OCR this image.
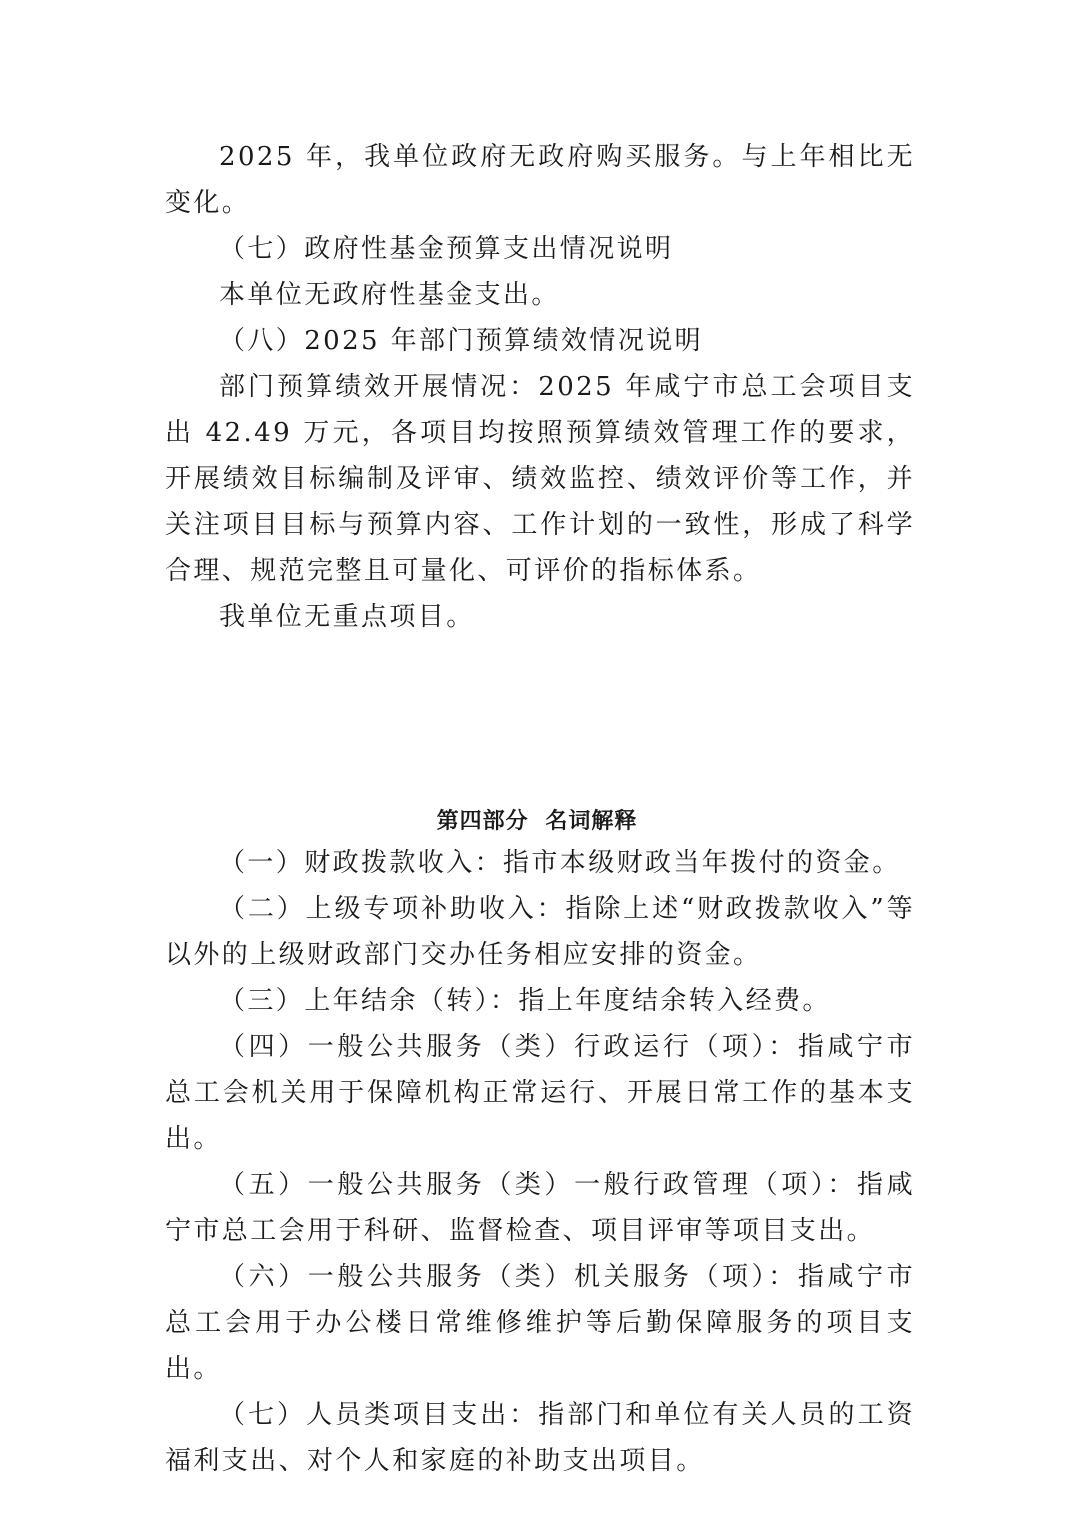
2025 年，我单位政府无政府购买服务。与上年相比无变化。

（七）政府性基金预算支出情况说明

本单位无政府性基金支出。

（八）2025 年部门预算绩效情况说明

部门预算绩效开展情况：2025 年咸宁市总工会项目支出 42.49 万元，各项目均按照预算绩效管理工作的要求，开展绩效目标编制及评审、绩效监控、绩效评价等工作，并关注项目目标与预算内容、工作计划的一致性，形成了科学合理、规范完整且可量化、可评价的指标体系。

我单位无重点项目。

第四部分 名词解释

（一）财政拨款收入：指市本级财政当年拨付的资金。

（二）上级专项补助收入：指除上述“财政拨款收入”等以外的上级财政部门交办任务相应安排的资金。

（三）上年结余（转）：指上年度结余转入经费。

（四）一般公共服务（类）行政运行（项）：指咸宁市总工会机关用于保障机构正常运行、开展日常工作的基本支出。

（五）一般公共服务（类）一般行政管理（项）：指咸宁市总工会用于科研、监督检查、项目评审等项目支出。

（六）一般公共服务（类）机关服务（项）：指咸宁市总工会用于办公楼日常维修维护等后勤保障服务的项目支出。

（七）人员类项目支出：指部门和单位有关人员的工资福利支出、对个人和家庭的补助支出项目。
